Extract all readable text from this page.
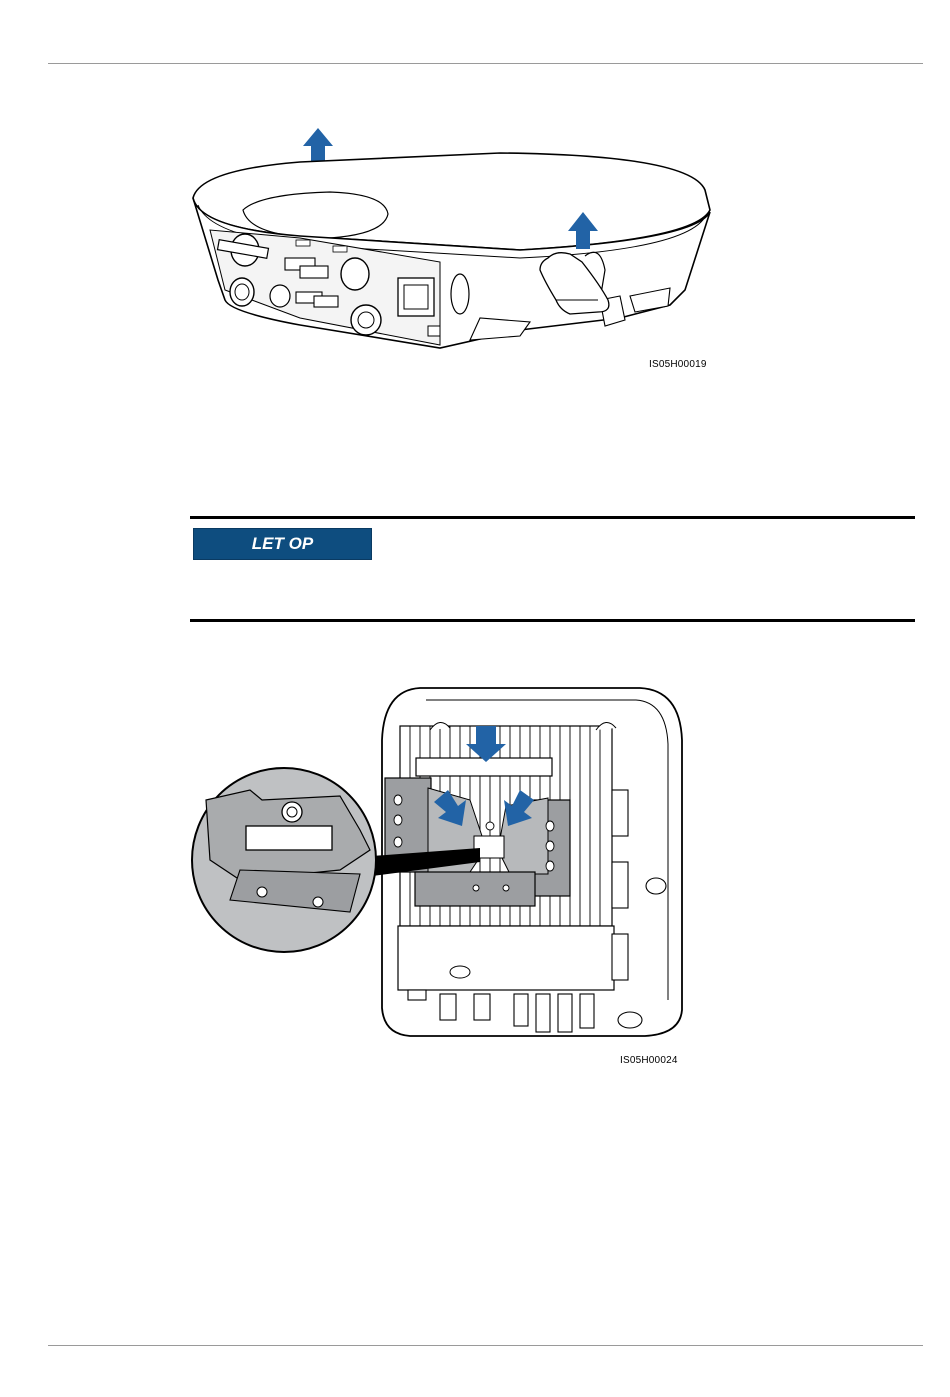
IS05H00019
LET OP
IS05H00024
